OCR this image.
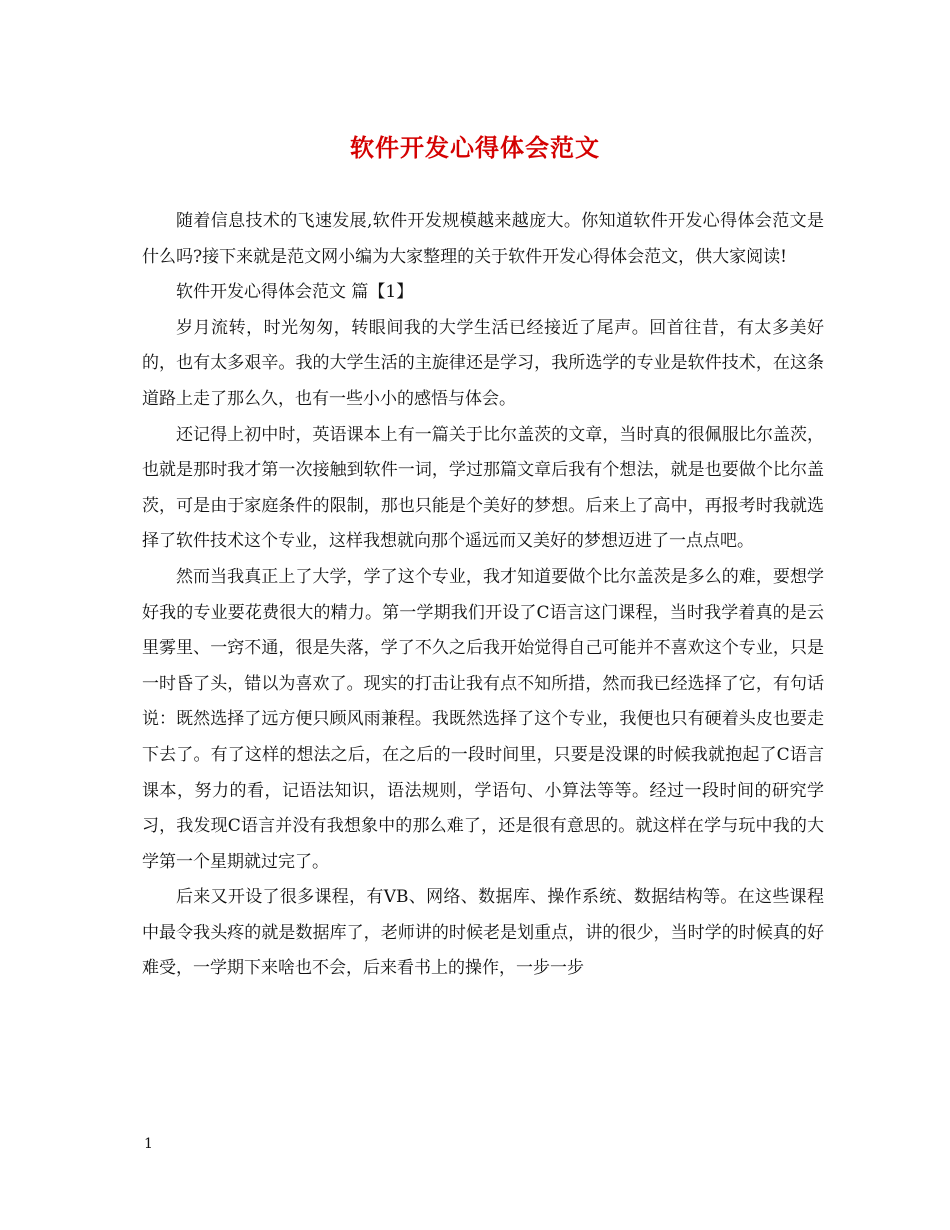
软件开发心得体会范文

随着信息技术的飞速发展,软件开发规模越来越庞大。你知道软件开发心得体会范文是什么吗?接下来就是范文网小编为大家整理的关于软件开发心得体会范文，供大家阅读!

软件开发心得体会范文 篇【1】

岁月流转，时光匆匆，转眼间我的大学生活已经接近了尾声。回首往昔，有太多美好的，也有太多艰辛。我的大学生活的主旋律还是学习，我所选学的专业是软件技术，在这条道路上走了那么久，也有一些小小的感悟与体会。

还记得上初中时，英语课本上有一篇关于比尔盖茨的文章，当时真的很佩服比尔盖茨，也就是那时我才第一次接触到软件一词，学过那篇文章后我有个想法，就是也要做个比尔盖茨，可是由于家庭条件的限制，那也只能是个美好的梦想。后来上了高中，再报考时我就选择了软件技术这个专业，这样我想就向那个遥远而又美好的梦想迈进了一点点吧。

然而当我真正上了大学，学了这个专业，我才知道要做个比尔盖茨是多么的难，要想学好我的专业要花费很大的精力。第一学期我们开设了C语言这门课程，当时我学着真的是云里雾里、一窍不通，很是失落，学了不久之后我开始觉得自己可能并不喜欢这个专业，只是一时昏了头，错以为喜欢了。现实的打击让我有点不知所措，然而我已经选择了它，有句话说：既然选择了远方便只顾风雨兼程。我既然选择了这个专业，我便也只有硬着头皮也要走下去了。有了这样的想法之后，在之后的一段时间里，只要是没课的时候我就抱起了C语言课本，努力的看，记语法知识，语法规则，学语句、小算法等等。经过一段时间的研究学习，我发现C语言并没有我想象中的那么难了，还是很有意思的。就这样在学与玩中我的大学第一个星期就过完了。

后来又开设了很多课程，有VB、网络、数据库、操作系统、数据结构等。在这些课程中最令我头疼的就是数据库了，老师讲的时候老是划重点，讲的很少，当时学的时候真的好难受，一学期下来啥也不会，后来看书上的操作，一步一步

1
